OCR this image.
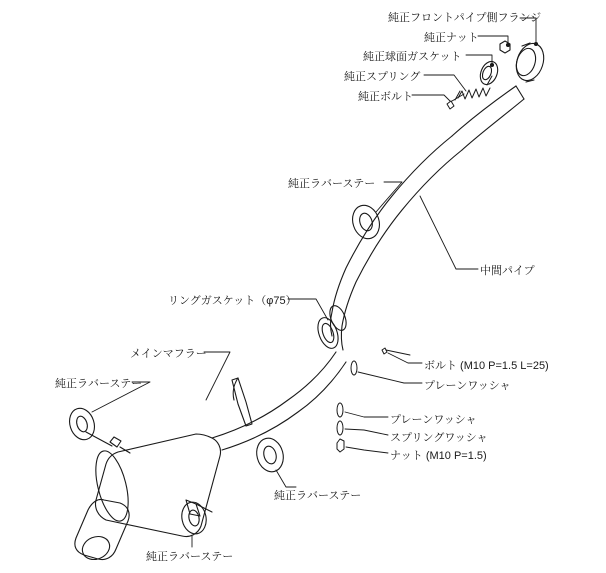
純正フロントパイプ側フランジ
純正ナット
純正球面ガスケット
純正スプリング
純正ボルト
純正ラバーステー
中間パイプ
リングガスケット（φ75）
メインマフラー
ボルト (M10 P=1.5 L=25)
プレーンワッシャ
純正ラバーステー
プレーンワッシャ
スプリングワッシャ
ナット (M10 P=1.5)
純正ラバーステー
純正ラバーステー
